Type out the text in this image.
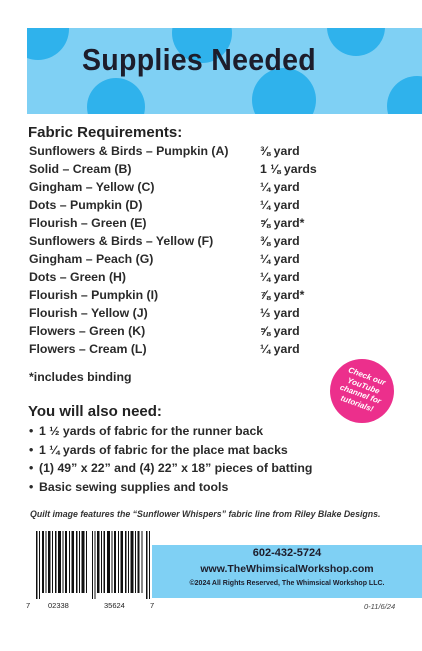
Supplies Needed
Fabric Requirements:
Sunflowers & Birds – Pumpkin (A)	⅜ yard
Solid – Cream (B)	1 ⅛ yards
Gingham – Yellow (C)	¼ yard
Dots – Pumpkin (D)	¼ yard
Flourish – Green (E)	⅝ yard*
Sunflowers & Birds – Yellow (F)	⅜ yard
Gingham – Peach (G)	¼ yard
Dots – Green (H)	¼ yard
Flourish – Pumpkin (I)	⅞ yard*
Flourish – Yellow (J)	⅓ yard
Flowers – Green (K)	⅝ yard
Flowers – Cream (L)	¼ yard
*includes binding	Check our YouTube channel for tutorials!
You will also need:
• 1 ½ yards of fabric for the runner back
• 1 ¼ yards of fabric for the place mat backs
• (1) 49” x 22” and (4) 22” x 18” pieces of batting
• Basic sewing supplies and tools
Quilt image features the “Sunflower Whispers” fabric line from Riley Blake Designs.
7 02338	35624	7
602-432-5724
www.TheWhimsicalWorkshop.com
©2024 All Rights Reserved, The Whimsical Workshop LLC.
0-11/6/24
